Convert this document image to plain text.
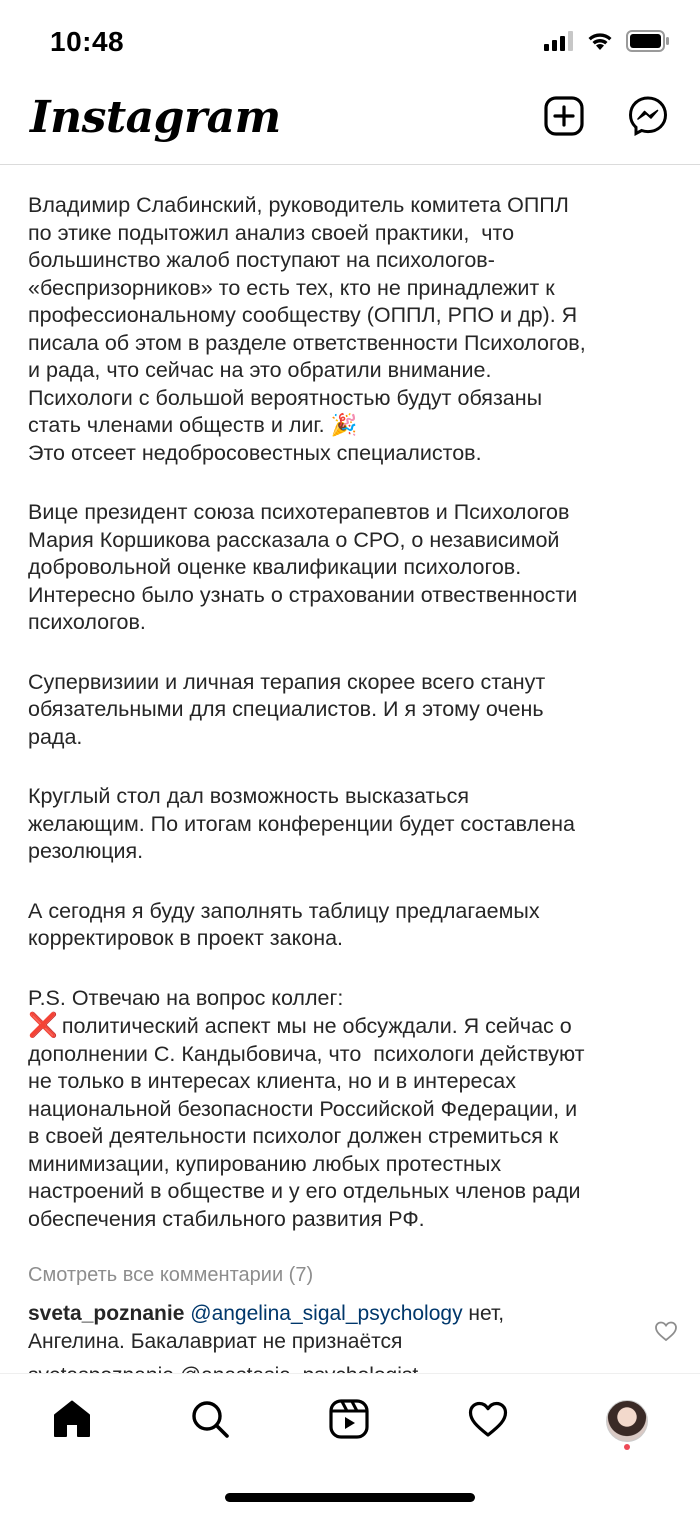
10:48
Instagram

Владимир Слабинский, руководитель комитета ОППЛ

по этике подытожил анализ своей практики,  что

большинство жалоб поступают на психологов-

«беспризорников» то есть тех, кто не принадлежит к

профессиональному сообществу (ОППЛ, РПО и др). Я

писала об этом в разделе ответственности Психологов,

и рада, что сейчас на это обратили внимание.

Психологи с большой вероятностью будут обязаны

стать членами обществ и лиг. 🎉

Это отсеет недобросовестных специалистов.

Вице президент союза психотерапевтов и Психологов

Мария Коршикова рассказала о СРО, о независимой

добровольной оценке квалификации психологов.

Интересно было узнать о страховании отвественности

психологов.

Супервизиии и личная терапия скорее всего станут

обязательными для специалистов. И я этому очень

рада.

Круглый стол дал возможность высказаться

желающим. По итогам конференции будет составлена

резолюция.

А сегодня я буду заполнять таблицу предлагаемых

корректировок в проект закона.

P.S. Отвечаю на вопрос коллег:

❌ политический аспект мы не обсуждали. Я сейчас о

дополнении С. Кандыбовича, что  психологи действуют

не только в интересах клиента, но и в интересах

национальной безопасности Российской Федерации, и

в своей деятельности психолог должен стремиться к

минимизации, купированию любых протестных

настроений в обществе и у его отдельных членов ради

обеспечения стабильного развития РФ.

Смотреть все комментарии (7)
sveta_poznanie @angelina_sigal_psychology нет,
Ангелина. Бакалавриат не признаётся
